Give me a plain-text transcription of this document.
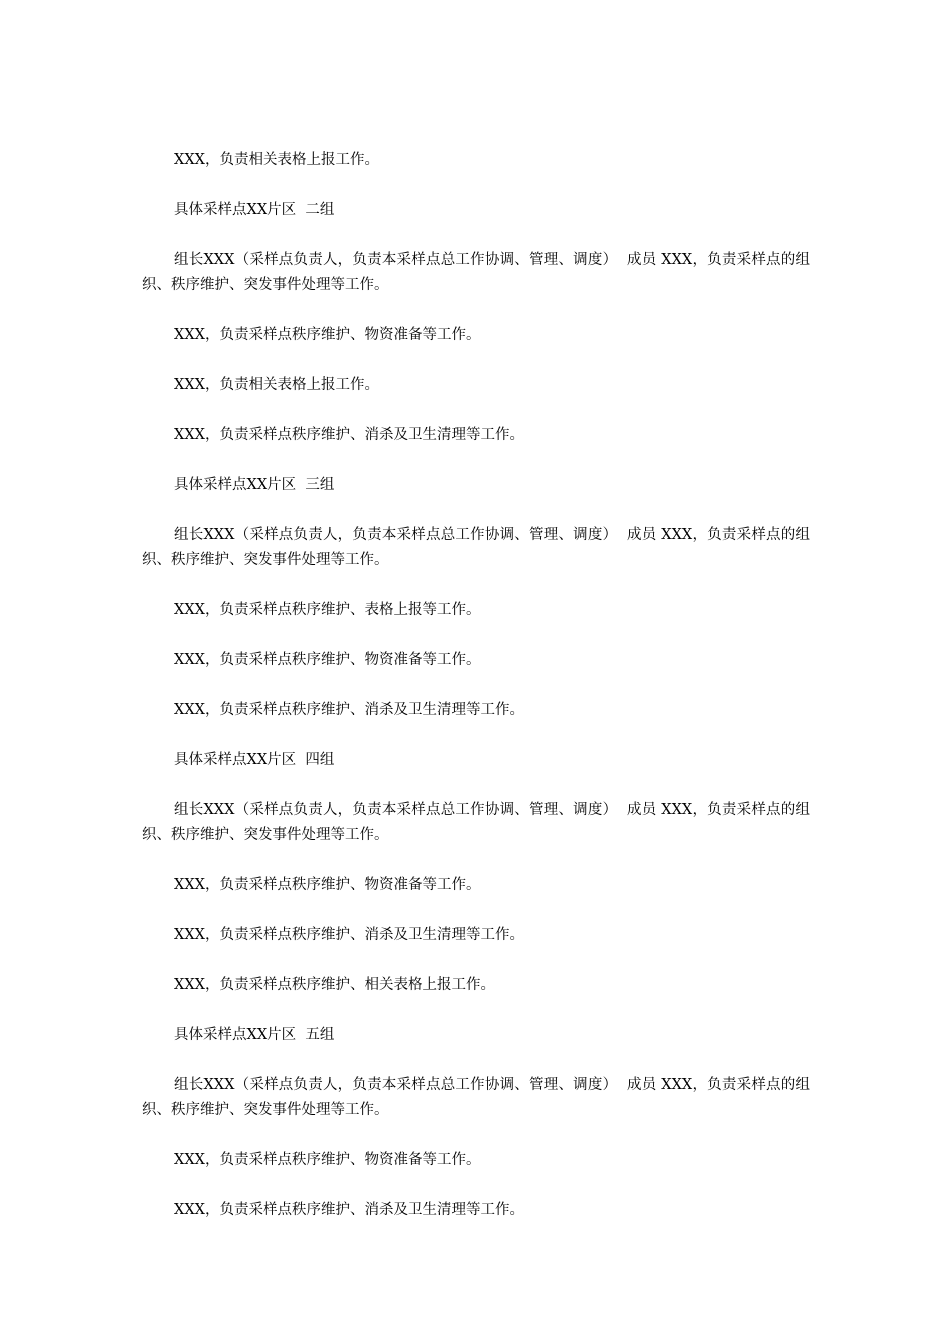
XXX，负责相关表格上报工作。

具体采样点XX片区  二组

组长XXX（采样点负责人，负责本采样点总工作协调、管理、调度）  成员 XXX，负责采样点的组织、秩序维护、突发事件处理等工作。

XXX，负责采样点秩序维护、物资准备等工作。

XXX，负责相关表格上报工作。

XXX，负责采样点秩序维护、消杀及卫生清理等工作。

具体采样点XX片区  三组

组长XXX（采样点负责人，负责本采样点总工作协调、管理、调度）  成员 XXX，负责采样点的组织、秩序维护、突发事件处理等工作。

XXX，负责采样点秩序维护、表格上报等工作。

XXX，负责采样点秩序维护、物资准备等工作。

XXX，负责采样点秩序维护、消杀及卫生清理等工作。

具体采样点XX片区  四组

组长XXX（采样点负责人，负责本采样点总工作协调、管理、调度）  成员 XXX，负责采样点的组织、秩序维护、突发事件处理等工作。

XXX，负责采样点秩序维护、物资准备等工作。

XXX，负责采样点秩序维护、消杀及卫生清理等工作。

XXX，负责采样点秩序维护、相关表格上报工作。

具体采样点XX片区  五组

组长XXX（采样点负责人，负责本采样点总工作协调、管理、调度）  成员 XXX，负责采样点的组织、秩序维护、突发事件处理等工作。

XXX，负责采样点秩序维护、物资准备等工作。

XXX，负责采样点秩序维护、消杀及卫生清理等工作。
